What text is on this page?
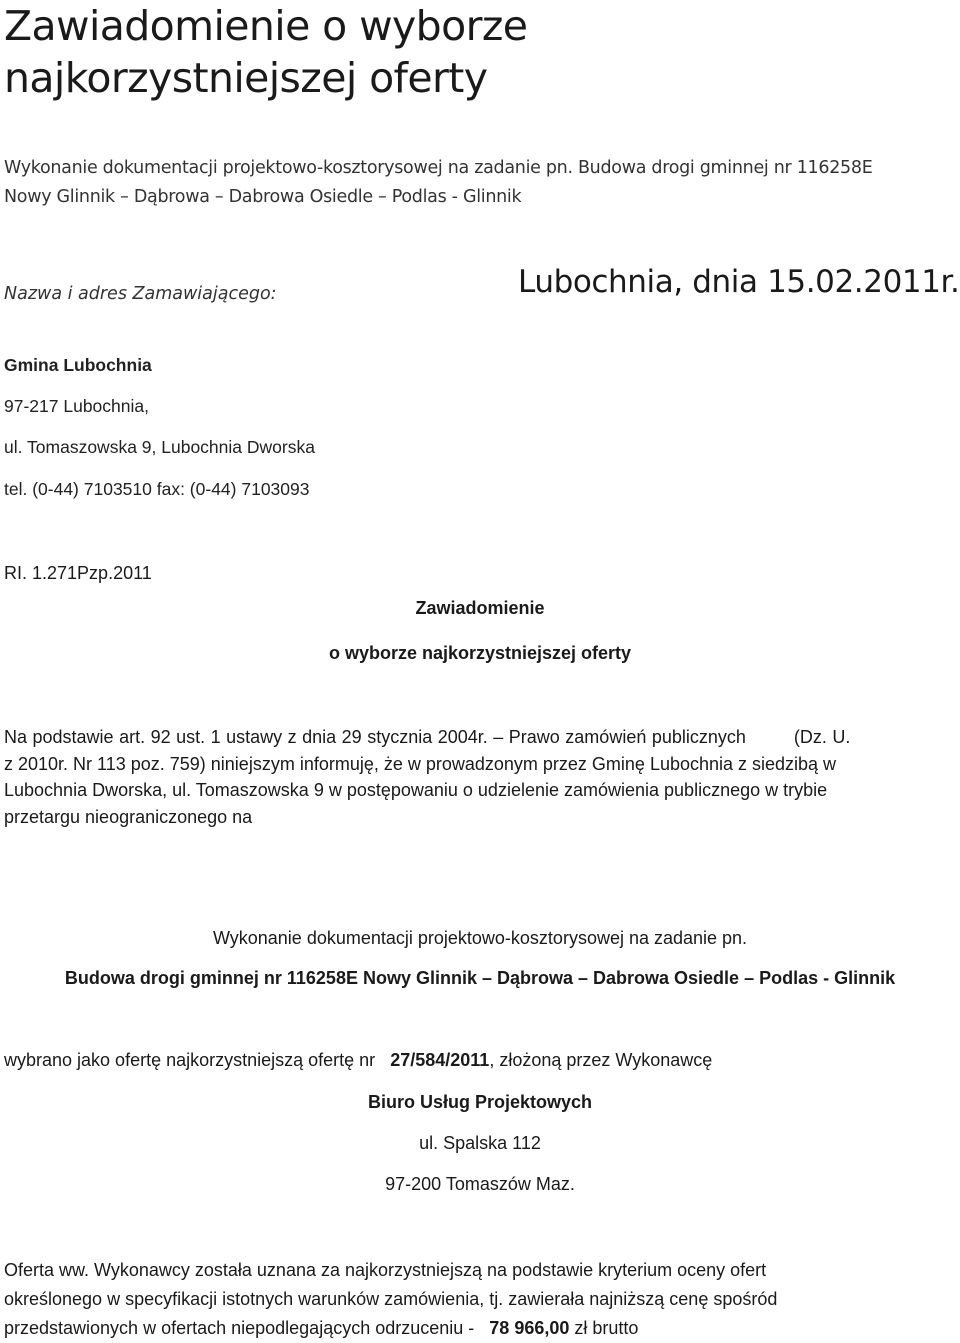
Zawiadomienie o wyborze
najkorzystniejszej oferty
Wykonanie dokumentacji projektowo-kosztorysowej na zadanie pn. Budowa drogi gminnej nr 116258E
Nowy Glinnik – Dąbrowa – Dabrowa Osiedle – Podlas - Glinnik
Lubochnia, dnia 15.02.2011r.
Nazwa i adres Zamawiającego:
Gmina Lubochnia
97-217 Lubochnia,
ul. Tomaszowska 9, Lubochnia Dworska
tel. (0-44) 7103510 fax: (0-44) 7103093
RI. 1.271Pzp.2011
Zawiadomienie
o wyborze najkorzystniejszej oferty
Na podstawie art. 92 ust. 1 ustawy z dnia 29 stycznia 2004r. – Prawo zamówień publicznych	(Dz. U.
z 2010r. Nr 113 poz. 759) niniejszym informuję, że w prowadzonym przez Gminę Lubochnia z siedzibą w
Lubochnia Dworska, ul. Tomaszowska 9 w postępowaniu o udzielenie zamówienia publicznego w trybie
przetargu nieograniczonego na
Wykonanie dokumentacji projektowo-kosztorysowej na zadanie pn.
Budowa drogi gminnej nr 116258E Nowy Glinnik – Dąbrowa – Dabrowa Osiedle – Podlas - Glinnik
wybrano jako ofertę najkorzystniejszą ofertę nr 27/584/2011, złożoną przez Wykonawcę
Biuro Usług Projektowych
ul. Spalska 112
97-200 Tomaszów Maz.
Oferta ww. Wykonawcy została uznana za najkorzystniejszą na podstawie kryterium oceny ofert
określonego w specyfikacji istotnych warunków zamówienia, tj. zawierała najniższą cenę spośród
przedstawionych w ofertach niepodlegających odrzuceniu - 78 966,00 zł brutto
